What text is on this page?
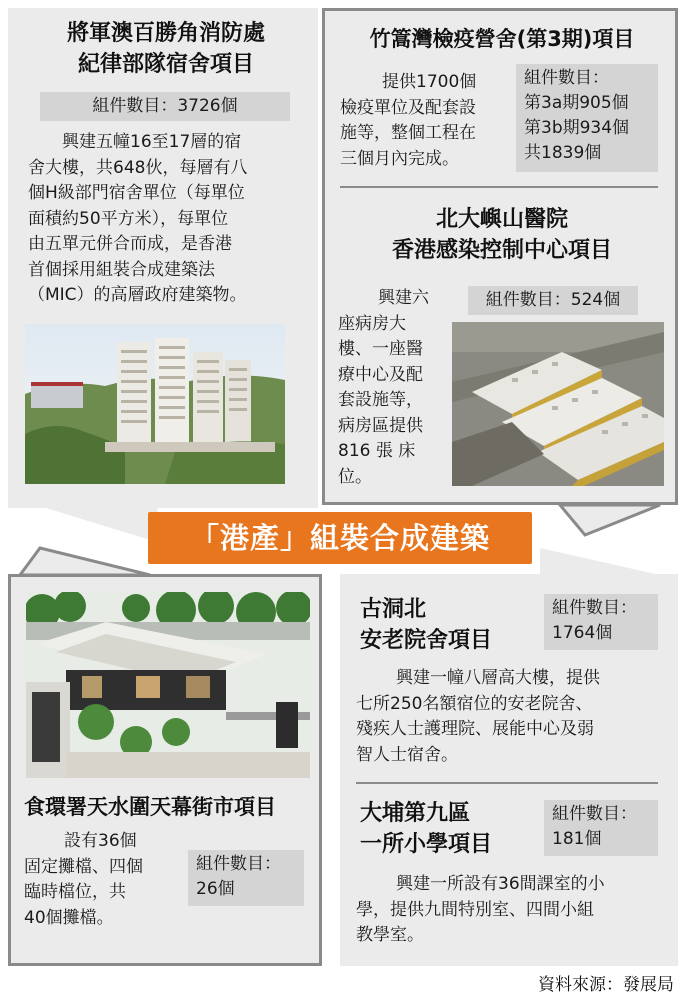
將軍澳百勝角消防處
紀律部隊宿舍項目
組件數目：3726個
興建五幢16至17層的宿
舍大樓，共648伙，每層有八
個H級部門宿舍單位（每單位
面積約50平方米），每單位
由五單元併合而成，是香港
首個採用組裝合成建築法
（MIC）的高層政府建築物。
竹篙灣檢疫營舍(第3期)項目
提供1700個
檢疫單位及配套設
施等，整個工程在
三個月內完成。
組件數目：
第3a期905個
第3b期934個
共1839個
北大嶼山醫院
香港感染控制中心項目
組件數目：524個
興建六
座病房大
樓、一座醫
療中心及配
套設施等，
病房區提供
816 張 床
位。
「港產」組裝合成建築
食環署天水圍天幕街市項目
設有36個
固定攤檔、四個
臨時檔位，共
40個攤檔。
組件數目：
26個
古洞北
安老院舍項目
組件數目：
1764個
興建一幢八層高大樓，提供
七所250名額宿位的安老院舍、
殘疾人士護理院、展能中心及弱
智人士宿舍。
大埔第九區
一所小學項目
組件數目：
181個
興建一所設有36間課室的小
學，提供九間特別室、四間小組
教學室。
資料來源：發展局
